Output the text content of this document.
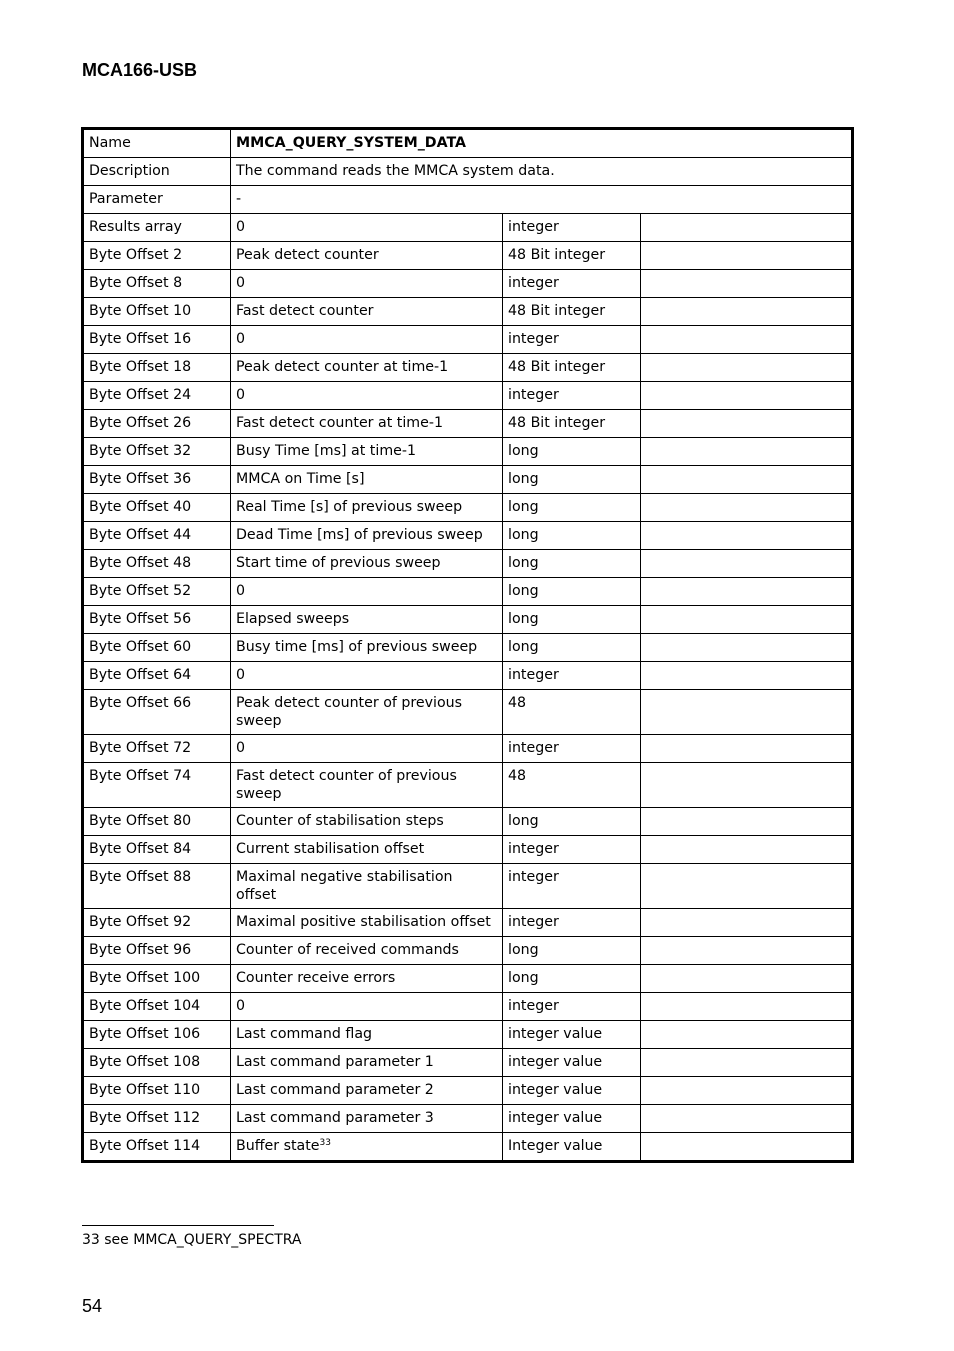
MCA166-USB
Name	MMCA_QUERY_SYSTEM_DATA		
Description	The command reads the MMCA system data.		
Parameter	-		
Results array	0	integer	
Byte Offset 2	Peak detect counter	48 Bit integer	
Byte Offset 8	0	integer	
Byte Offset 10	Fast detect counter	48 Bit integer	
Byte Offset 16	0	integer	
Byte Offset 18	Peak detect counter at time-1	48 Bit integer	
Byte Offset 24	0	integer	
Byte Offset 26	Fast detect counter at time-1	48 Bit integer	
Byte Offset 32	Busy Time [ms] at time-1	long	
Byte Offset 36	MMCA on Time [s]	long	
Byte Offset 40	Real Time [s] of previous sweep	long	
Byte Offset 44	Dead Time [ms] of previous sweep	long	
Byte Offset 48	Start time of previous sweep	long	
Byte Offset 52	0	long	
Byte Offset 56	Elapsed sweeps	long	
Byte Offset 60	Busy time [ms] of previous sweep	long	
Byte Offset 64	0	integer	
Byte Offset 66	Peak detect counter of previous sweep	48	
Byte Offset 72	0	integer	
Byte Offset 74	Fast detect counter of previous sweep	48	
Byte Offset 80	Counter of stabilisation steps	long	
Byte Offset 84	Current stabilisation offset	integer	
Byte Offset 88	Maximal negative stabilisation offset	integer	
Byte Offset 92	Maximal positive stabilisation offset	integer	
Byte Offset 96	Counter of received commands	long	
Byte Offset 100	Counter receive errors	long	
Byte Offset 104	0	integer	
Byte Offset 106	Last command flag	integer value	
Byte Offset 108	Last command parameter 1	integer value	
Byte Offset 110	Last command parameter 2	integer value	
Byte Offset 112	Last command parameter 3	integer value	
Byte Offset 114	Buffer state$^{33}$	Integer value	
33 see MMCA_QUERY_SPECTRA
54
